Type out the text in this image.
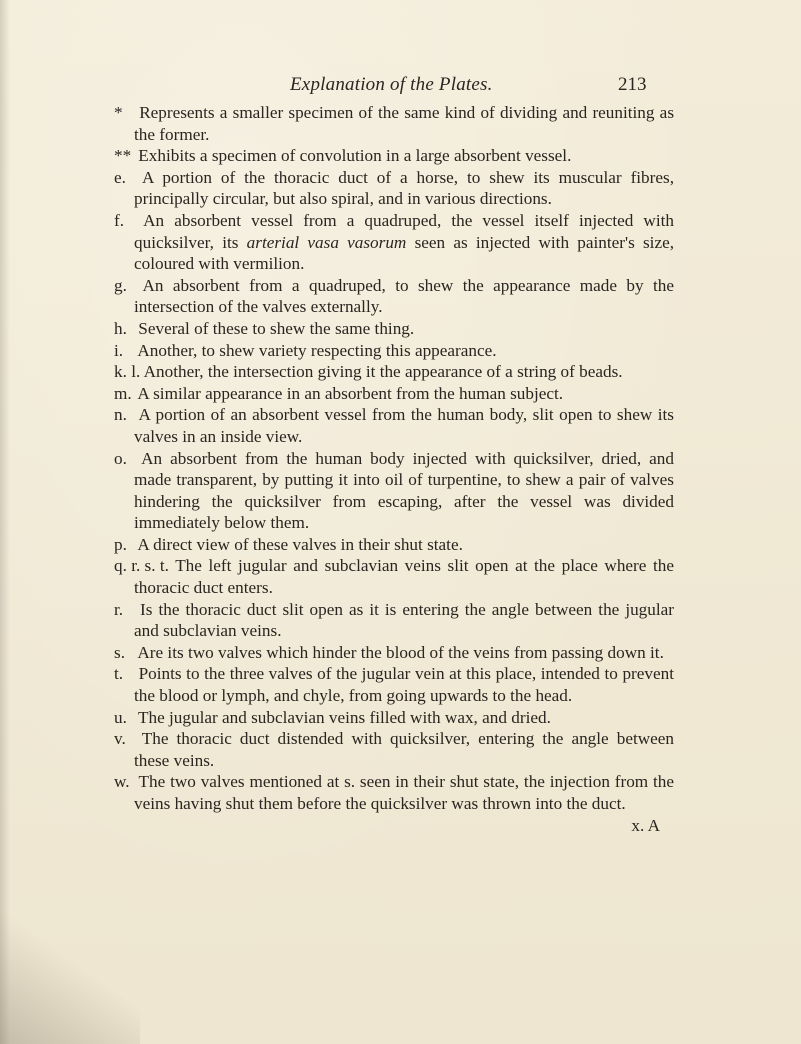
Explanation of the Plates.	213
* Represents a smaller specimen of the same kind of dividing and reuniting as the former.
** Exhibits a specimen of convolution in a large absorbent vessel.
e. A portion of the thoracic duct of a horse, to shew its muscular fibres, principally circular, but also spiral, and in various directions.
f. An absorbent vessel from a quadruped, the vessel itself injected with quicksilver, its arterial vasa vasorum seen as injected with painter's size, coloured with vermilion.
g. An absorbent from a quadruped, to shew the appearance made by the intersection of the valves externally.
h. Several of these to shew the same thing.
i. Another, to shew variety respecting this appearance.
k. l. Another, the intersection giving it the appearance of a string of beads.
m. A similar appearance in an absorbent from the human subject.
n. A portion of an absorbent vessel from the human body, slit open to shew its valves in an inside view.
o. An absorbent from the human body injected with quicksilver, dried, and made transparent, by putting it into oil of turpentine, to shew a pair of valves hindering the quicksilver from escaping, after the vessel was divided immediately below them.
p. A direct view of these valves in their shut state.
q. r. s. t. The left jugular and subclavian veins slit open at the place where the thoracic duct enters.
r. Is the thoracic duct slit open as it is entering the angle between the jugular and subclavian veins.
s. Are its two valves which hinder the blood of the veins from passing down it.
t. Points to the three valves of the jugular vein at this place, intended to prevent the blood or lymph, and chyle, from going upwards to the head.
u. The jugular and subclavian veins filled with wax, and dried.
v. The thoracic duct distended with quicksilver, entering the angle between these veins.
w. The two valves mentioned at s. seen in their shut state, the injection from the veins having shut them before the quicksilver was thrown into the duct.
x. A
